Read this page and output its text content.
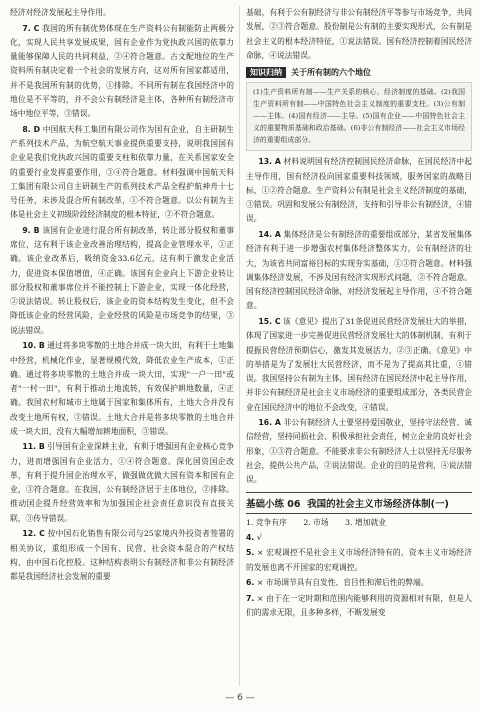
经济对经济发展起主导作用。

7. C 我国的所有制优势体现在生产资料公有制能防止两极分化，实现人民共享发展成果，国有企业作为党执政兴国的依靠力量能够保障人民的共同利益，②④符合题意。古文配地位的生产资料所有制决定着一个社会的发展方向，这对所有国家都适用，并不是我国所有制的优势，①排除。不同所有制在我国经济中的地位是不平等的，并不会公有制经济是主体，各种所有制经济市场中地位平等，③错误。

8. D 中国航天科工集团有限公司作为国有企业，自主研制生产系列技术产品，为航空航天事业提供重要支持，说明我国国有企业是我们党执政兴国的重要支柱和依靠力量，在关系国家安全的重要行业发挥重要作用，③④符合题意。材料强调中国航天科工集团有限公司自主研制生产的系列技术产品全程护航神舟十七号任务，未涉及混合所有制改革，①不符合题意。以公有制为主体是社会主义初级阶段经济制度的根本特征，②不符合题意。

9. B 该国有企业进行混合所有制改革，转让部分股权和董事席位，这有利于该企业改善治理结构，提高企业管理水平，①正确。该企业改革后，吸纳资金33.6亿元，这有利于激发企业活力，促进资本保值增值，④正确。该国有企业向上下游企业转让部分股权和董事席位并不能控制上下游企业，实现一体化经营，②说法错误。转让股权后，该企业的资本结构发生变化，但不会降低该企业的经营风险，企业经营的风险是市场竞争的结果，③说法错误。

10. B 通过将多块零散的土地合并成一块大田，有利于土地集中经营，机械化作业，显著规模代效，降低农业生产成本，①正确。通过将多块零散的土地合并成一块大田，实现"一户一田"或者"一村一田"，有利于推动土地流转，有效保护耕地数量，④正确。我国农村和城市土地属于国家和集体所有，土地大合并没有改变土地所有权，②错误。土地大合并是将多块零散的土地合并成一块大田，没有大幅增加耕地面积，③错误。

11. B 引导国有企业深耕主业，有利于增强国有企业核心竞争力，进而增强国有企业活力，①④符合题意。深化国资国企改革，有利于提升国企治理水平，做强做优做大国有资本和国有企业，③符合题意。在我国，公有制经济居于主体地位，②排除。推动国企提升经营效率和为加强国企社会责任意识没有直接关联，③传导错误。

12. C 按中国石化销售有限公司与25家境内外投资者签署的相关协议，重组形成一个国有、民营、社会资本混合的产权结构，由中国石化控股。这种结构表明公有制经济和非公有制经济都是我国经济社会发展的重要

基础，有利于公有制经济与非公有制经济平等参与市场竞争，共同发展，②③符合题意。股份制是公有制的主要实现形式，公有制是社会主义的根本经济特征，①说法错误。国有经济控制着国民经济命脉，④说法错误。

知识归纳 关于所有制的六个地位

(1)生产资料所有制——生产关系的核心，经济制度的基础。(2)我国生产资料所有制——中国特色社会主义制度的重要支柱。(3)公有制——主体。(4)国有经济——主导。(5)国有企业——中国特色社会主义的重要物质基础和政治基础。(6)非公有制经济——社会主义市场经济的重要组成部分。

13. A 材料说明国有经济控制国民经济命脉，在国民经济中起主导作用，国有经济投向国家重要科技领域，服务国家的战略目标，①②符合题意。生产资料公有制是社会主义经济制度的基础，③错误。巩固和发展公有制经济，支持和引导非公有制经济，④错误。

14. A 集体经济是公有制经济的重要组成部分，某省发展集体经济有利于进一步增强农村集体经济整体实力，公有制经济的壮大，为该省共同富裕目标的实现夯实基础，①③符合题意。材料强调集体经济发展，不涉及国有经济实现形式问题，②不符合题意。国有经济控制国民经济命脉，对经济发展起主导作用，④不符合题意。

15. C 该《意见》提出了31条促进民营经济发展壮大的举措，体现了国家进一步完善促进民营经济发展壮大的体制机制，有利于提振民营经济预期信心，激发其发展活力，②③正确。《意见》中的举措是为了发展壮大民营经济，而不是为了提高其比重，①错误。我国坚持公有制为主体，国有经济在国民经济中起主导作用，并非公有制经济是社会主义市场经济的重要组成部分，各类民营企业在国民经济中的地位不会改变，④错误。

16. A 非公有制经济人士要坚持爱国敬业，坚持守法经营、诚信经营，坚持同损社会、积极承担社会责任，树立企业的良好社会形象，①③符合题意。不能要求非公有制经济人士以坚持无尽服务社会，提供公共产品，②说法错误。企业的目的是营利，④说法错误。

基础小练 06 我国的社会主义市场经济体制(一)
1. 竞争有序 2. 市场 3. 增加就业

4. √

5. × 宏观调控不是社会主义市场经济特有的，资本主义市场经济的发展也离不开国家的宏观调控。

6. × 市场调节具有自发性、盲目性和滞后性的弊端。

7. × 由于在一定时期和范围内能够利用的资源相对有限，但是人们的需求无限，且多种多样，不断发展变

— 6 —
